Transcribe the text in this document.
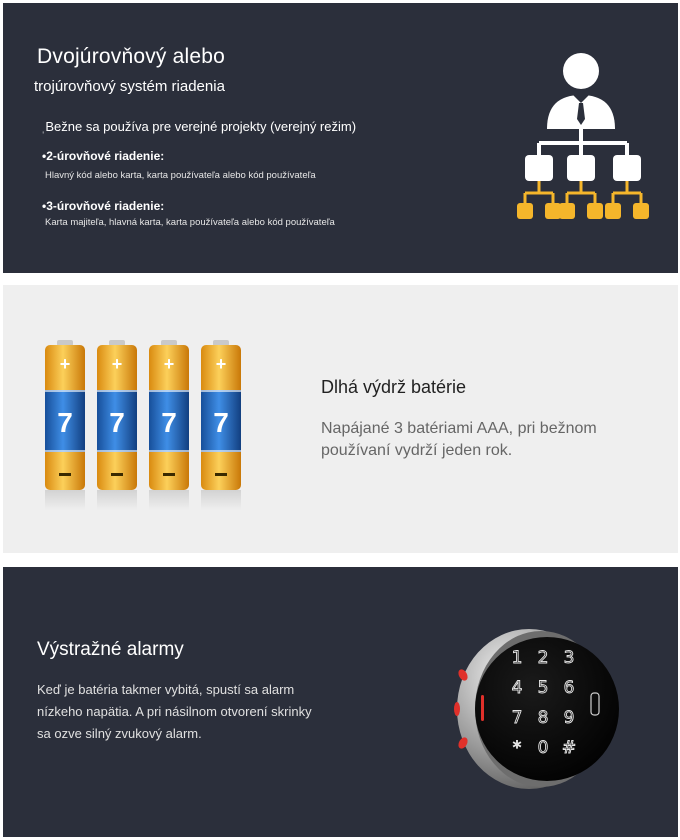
Dvojúrovňový alebo
trojúrovňový systém riadenia
ˌBežne sa používa pre verejné projekty (verejný režim)
•2-úrovňové riadenie:
Hlavný kód alebo karta, karta používateľa alebo kód používateľa
•3-úrovňové riadenie:
Karta majiteľa, hlavná karta, karta používateľa alebo kód používateľa
+
7
+
7
+
7
+
7
Dlhá výdrž batérie
Napájané 3 batériami AAA, pri bežnom používaní vydrží jeden rok.
Výstražné alarmy
Keď je batéria takmer vybitá, spustí sa alarm nízkeho napätia. A pri násilnom otvorení skrinky sa ozve silný zvukový alarm.
1 2 3
4 5 6
7 8 9
* 0 #
